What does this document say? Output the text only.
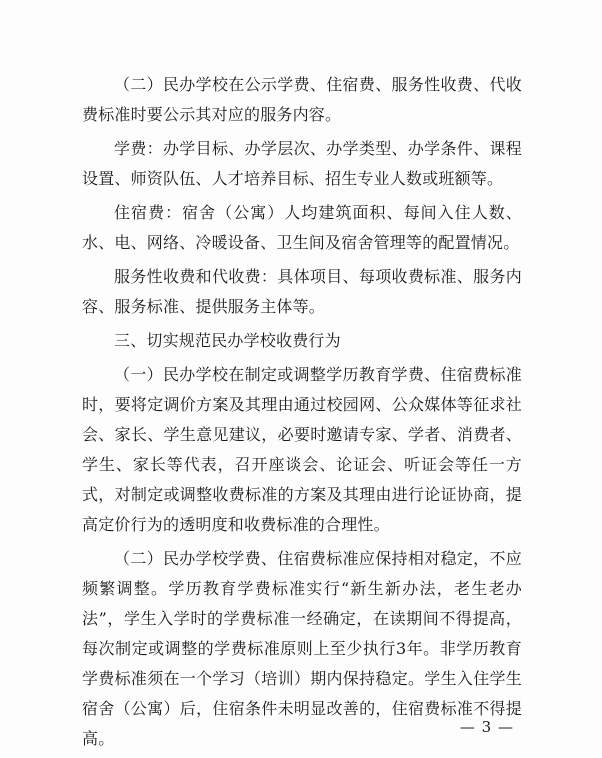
（二）民办学校在公示学费、住宿费、服务性收费、代收费标准时要公示其对应的服务内容。

学费：办学目标、办学层次、办学类型、办学条件、课程设置、师资队伍、人才培养目标、招生专业人数或班额等。

住宿费：宿舍（公寓）人均建筑面积、每间入住人数、水、电、网络、冷暖设备、卫生间及宿舍管理等的配置情况。

服务性收费和代收费：具体项目、每项收费标准、服务内容、服务标准、提供服务主体等。

三、切实规范民办学校收费行为

（一）民办学校在制定或调整学历教育学费、住宿费标准时，要将定调价方案及其理由通过校园网、公众媒体等征求社会、家长、学生意见建议，必要时邀请专家、学者、消费者、学生、家长等代表，召开座谈会、论证会、听证会等任一方式，对制定或调整收费标准的方案及其理由进行论证协商，提高定价行为的透明度和收费标准的合理性。

（二）民办学校学费、住宿费标准应保持相对稳定，不应频繁调整。学历教育学费标准实行“新生新办法，老生老办法”，学生入学时的学费标准一经确定，在读期间不得提高，每次制定或调整的学费标准原则上至少执行3年。非学历教育学费标准须在一个学习（培训）期内保持稳定。学生入住学生宿舍（公寓）后，住宿条件未明显改善的，住宿费标准不得提高。

— 3 —
